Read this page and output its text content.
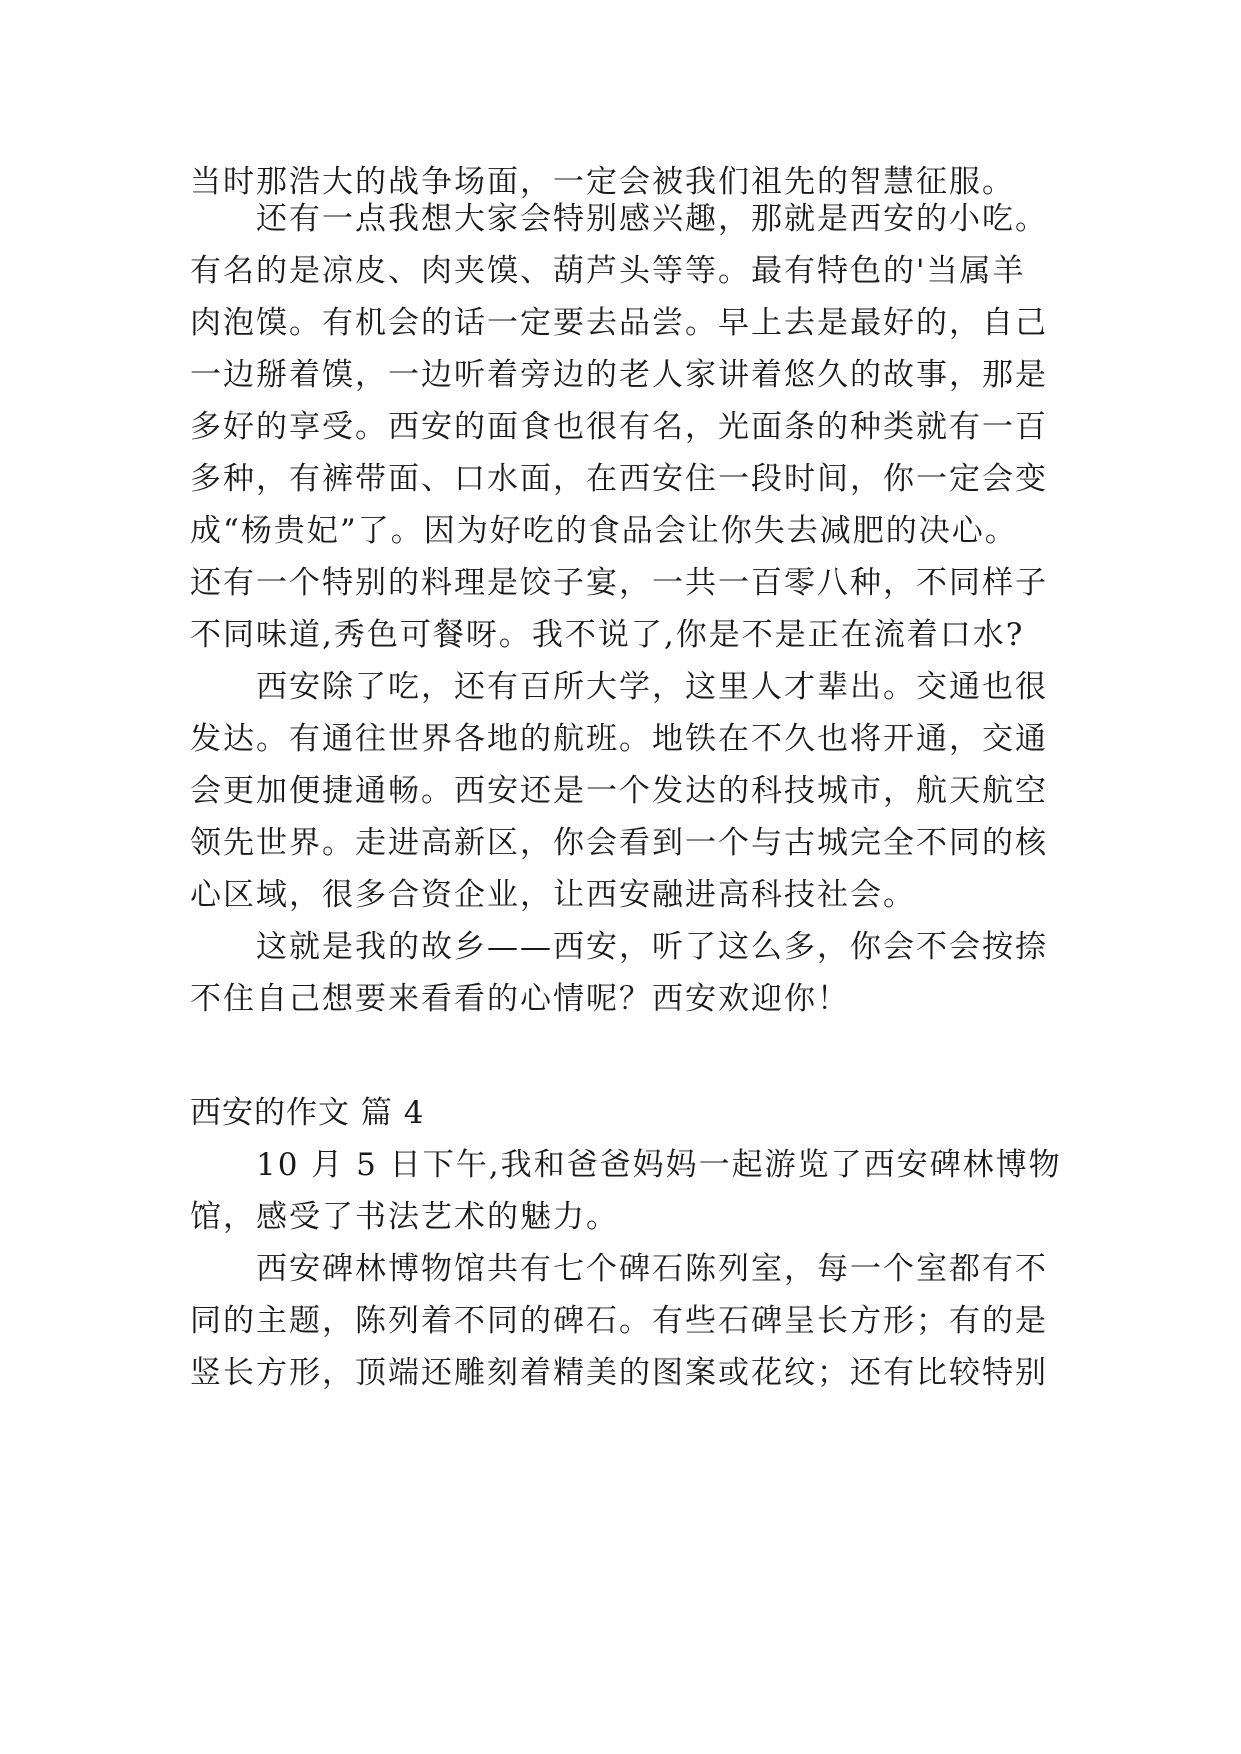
当时那浩大的战争场面，一定会被我们祖先的智慧征服。
还有一点我想大家会特别感兴趣，那就是西安的小吃。
有名的是凉皮、肉夹馍、葫芦头等等。最有特色的'当属羊
肉泡馍。有机会的话一定要去品尝。早上去是最好的，自己
一边掰着馍，一边听着旁边的老人家讲着悠久的故事，那是
多好的享受。西安的面食也很有名，光面条的种类就有一百
多种，有裤带面、口水面，在西安住一段时间，你一定会变
成“杨贵妃”了。因为好吃的食品会让你失去减肥的决心。
还有一个特别的料理是饺子宴，一共一百零八种，不同样子
不同味道,秀色可餐呀。我不说了,你是不是正在流着口水?
西安除了吃，还有百所大学，这里人才辈出。交通也很
发达。有通往世界各地的航班。地铁在不久也将开通，交通
会更加便捷通畅。西安还是一个发达的科技城市，航天航空
领先世界。走进高新区，你会看到一个与古城完全不同的核
心区域，很多合资企业，让西安融进高科技社会。
这就是我的故乡——西安，听了这么多，你会不会按捺
不住自己想要来看看的心情呢？西安欢迎你！
西安的作文 篇 4
10 月 5 日下午,我和爸爸妈妈一起游览了西安碑林博物
馆，感受了书法艺术的魅力。
西安碑林博物馆共有七个碑石陈列室，每一个室都有不
同的主题，陈列着不同的碑石。有些石碑呈长方形；有的是
竖长方形，顶端还雕刻着精美的图案或花纹；还有比较特别
